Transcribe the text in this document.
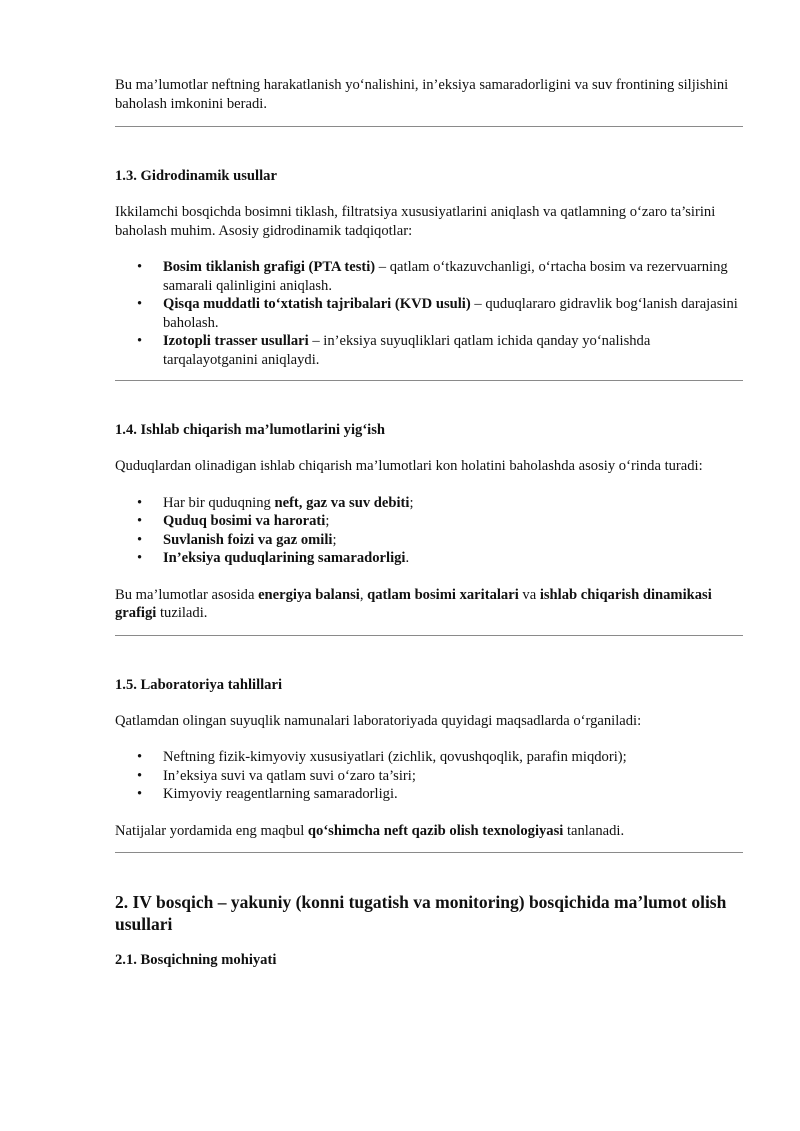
Bu ma’lumotlar neftning harakatlanish yo‘nalishini, in’eksiya samaradorligini va suv frontining siljishini baholash imkonini beradi.

1.3. Gidrodinamik usullar

Ikkilamchi bosqichda bosimni tiklash, filtratsiya xususiyatlarini aniqlash va qatlamning o‘zaro ta’sirini baholash muhim. Asosiy gidrodinamik tadqiqotlar:

• Bosim tiklanish grafigi (PTA testi) – qatlam o‘tkazuvchanligi, o‘rtacha bosim va rezervuarning samarali qalinligini aniqlash.
• Qisqa muddatli to‘xtatish tajribalari (KVD usuli) – quduqlararo gidravlik bog‘lanish darajasini baholash.
• Izotopli trasser usullari – in’eksiya suyuqliklari qatlam ichida qanday yo‘nalishda tarqalayotganini aniqlaydi.
1.4. Ishlab chiqarish ma’lumotlarini yig‘ish

Quduqlardan olinadigan ishlab chiqarish ma’lumotlari kon holatini baholashda asosiy o‘rinda turadi:

• Har bir quduqning neft, gaz va suv debiti;
• Quduq bosimi va harorati;
• Suvlanish foizi va gaz omili;
• In’eksiya quduqlarining samaradorligi.

Bu ma’lumotlar asosida energiya balansi, qatlam bosimi xaritalari va ishlab chiqarish dinamikasi grafigi tuziladi.

1.5. Laboratoriya tahlillari

Qatlamdan olingan suyuqlik namunalari laboratoriyada quyidagi maqsadlarda o‘rganiladi:

• Neftning fizik-kimyoviy xususiyatlari (zichlik, qovushqoqlik, parafin miqdori);
• In’eksiya suvi va qatlam suvi o‘zaro ta’siri;
• Kimyoviy reagentlarning samaradorligi.

Natijalar yordamida eng maqbul qo‘shimcha neft qazib olish texnologiyasi tanlanadi.

2. IV bosqich – yakuniy (konni tugatish va monitoring) bosqichida ma’lumot olish usullari
2.1. Bosqichning mohiyati
